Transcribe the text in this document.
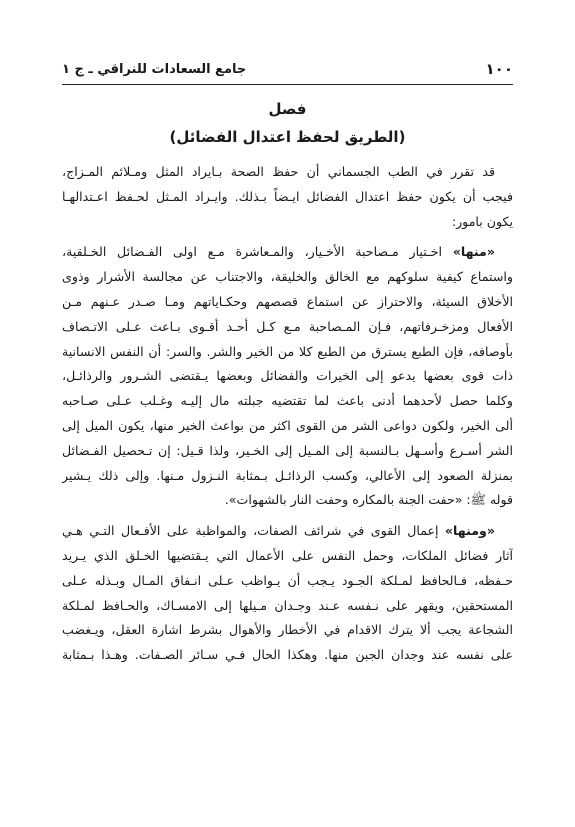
جامع السعادات للنراقي ـ ج ١	١٠٠
فصل
(الطريق لحفظ اعتدال الفضائل)
قد تقرر في الطب الجسماني أن حفظ الصحة بـايراد المثل ومـلائم المـزاج،
فيجب أن يكون حفظ اعتدال الفضائل ايـضاً بـذلك. وايـراد المـثل لحـفظ اعـتدالهـا
يكون بامور:
«منها» اخـتيار مـصاحبة الأخـيار، والمـعاشرة مـع اولى الفـضائل الخـلقية،
واستماع كيفية سلوكهم مع الخالق والخليقة، والاجتناب عن مجالسة الأشرار وذوى
الأخلاق السيئة، والاحتراز عن استماع قصصهم وحكـاياتهم ومـا صـدر عـنهم مـن
الأفعال ومزخـرفاتهم، فـإن المـصاحبة مـع كـل أحـد أقـوى بـاعث عـلى الاتـصاف
بأوصافه، فإن الطبع يسترق من الطبع كلا من الخير والشر. والسر: أن النفس الانسانية
ذات قوى بعضها يدعو إلى الخيرات والفضائل وبعضها يـقتضى الشـرور والرذائـل،
وكلما حصل لأحدهما أدنى باعث لما تقتضيه جبلته مال إليـه وغـلب عـلى صـاحبه
ألى الخير، ولكون دواعى الشر من القوى اكثر من بواعث الخير منها، يكون الميل إلى
الشر أسـرع وأسـهل بـالنسبة إلى المـيل إلى الخـير، ولذا قـيل: إن تـحصيل الفـضائل
بمنزلة الصعود إلى الأعالي، وكسب الرذائـل بـمثابة النـزول مـنها. وإلى ذلك يـشير
قوله ﷺ: «حفت الجنة بالمكاره وحفت النار بالشهوات».
«ومنها» إعمال القوى في شرائف الصفات، والمواظبة على الأفـعال التـي هـي
آثار فضائل الملكات، وحمل النفس على الأعمال التي يـقتضيها الخـلق الذي يـريد
حـفظه، فـالحافظ لمـلكة الجـود يـجب أن يـواظب عـلى انـفاق المـال وبـذله عـلى
المستحقين، ويقهر على نـفسه عـند وجـدان مـيلها إلى الامسـاك، والحـافظ لمـلكة
الشجاعة يجب ألا يترك الاقدام في الأخطار والأهوال بشرط اشارة العقل، ويـغضب
على نفسه عند وجدان الجبن منها. وهكذا الحال فـي سـائر الصـفات. وهـذا بـمثابة
